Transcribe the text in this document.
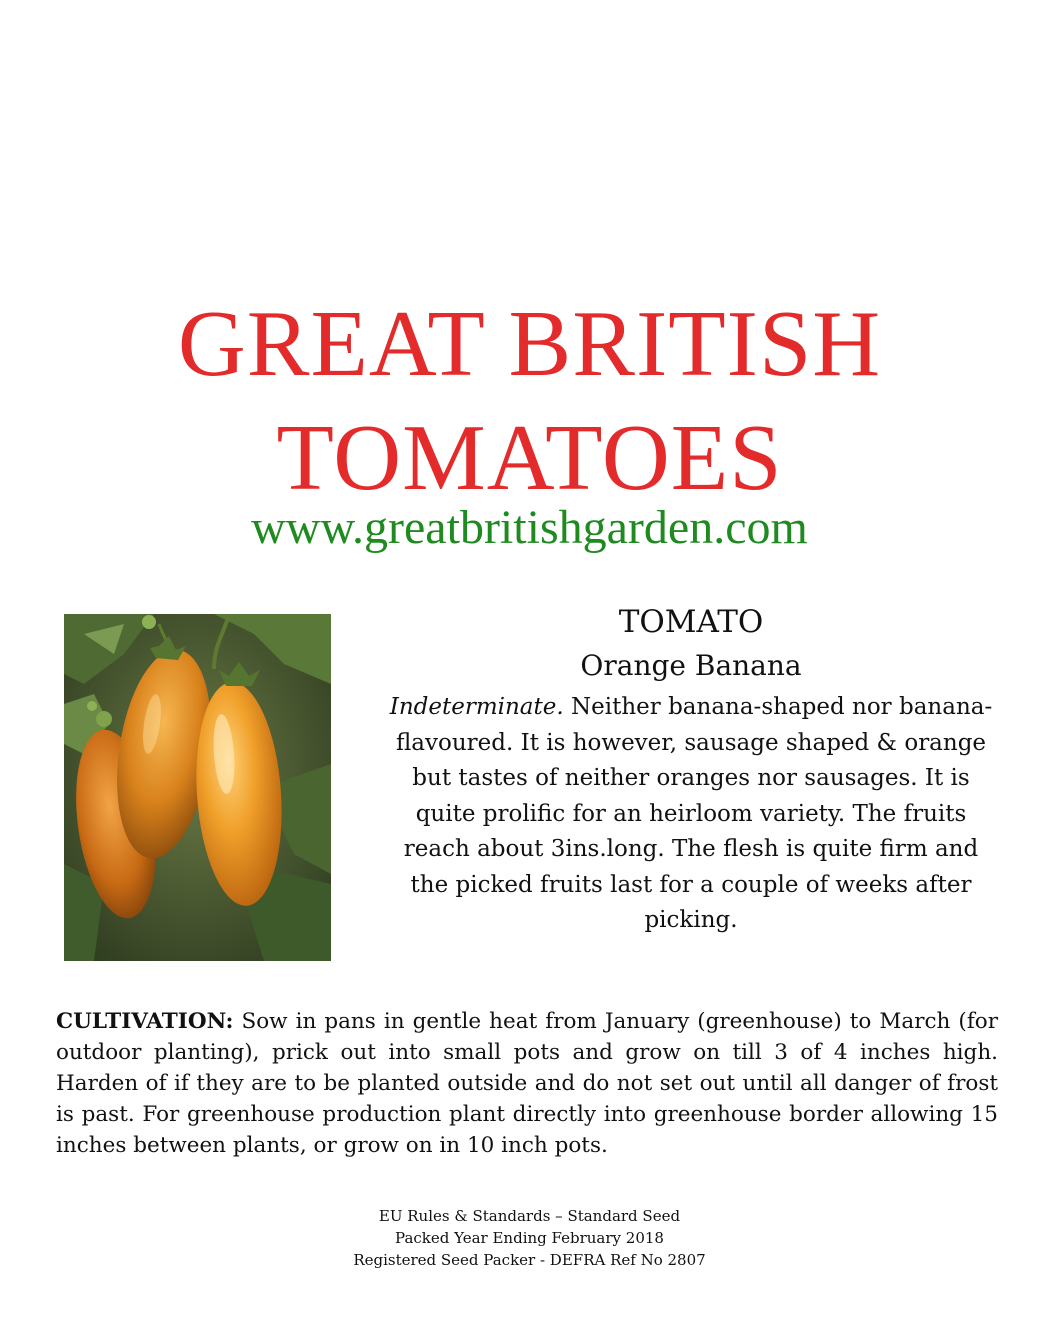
GREAT BRITISH
TOMATOES

www.greatbritishgarden.com

TOMATO
Orange Banana

Indeterminate. Neither banana-shaped nor banana-flavoured. It is however, sausage shaped & orange but tastes of neither oranges nor sausages. It is quite prolific for an heirloom variety. The fruits reach about 3ins.long. The flesh is quite firm and the picked fruits last for a couple of weeks after picking.

CULTIVATION: Sow in pans in gentle heat from January (greenhouse) to March (for outdoor planting), prick out into small pots and grow on till 3 of 4 inches high. Harden of if they are to be planted outside and do not set out until all danger of frost is past. For greenhouse production plant directly into greenhouse border allowing 15 inches between plants, or grow on in 10 inch pots.

EU Rules & Standards – Standard Seed
Packed Year Ending February 2018
Registered Seed Packer - DEFRA Ref No 2807
